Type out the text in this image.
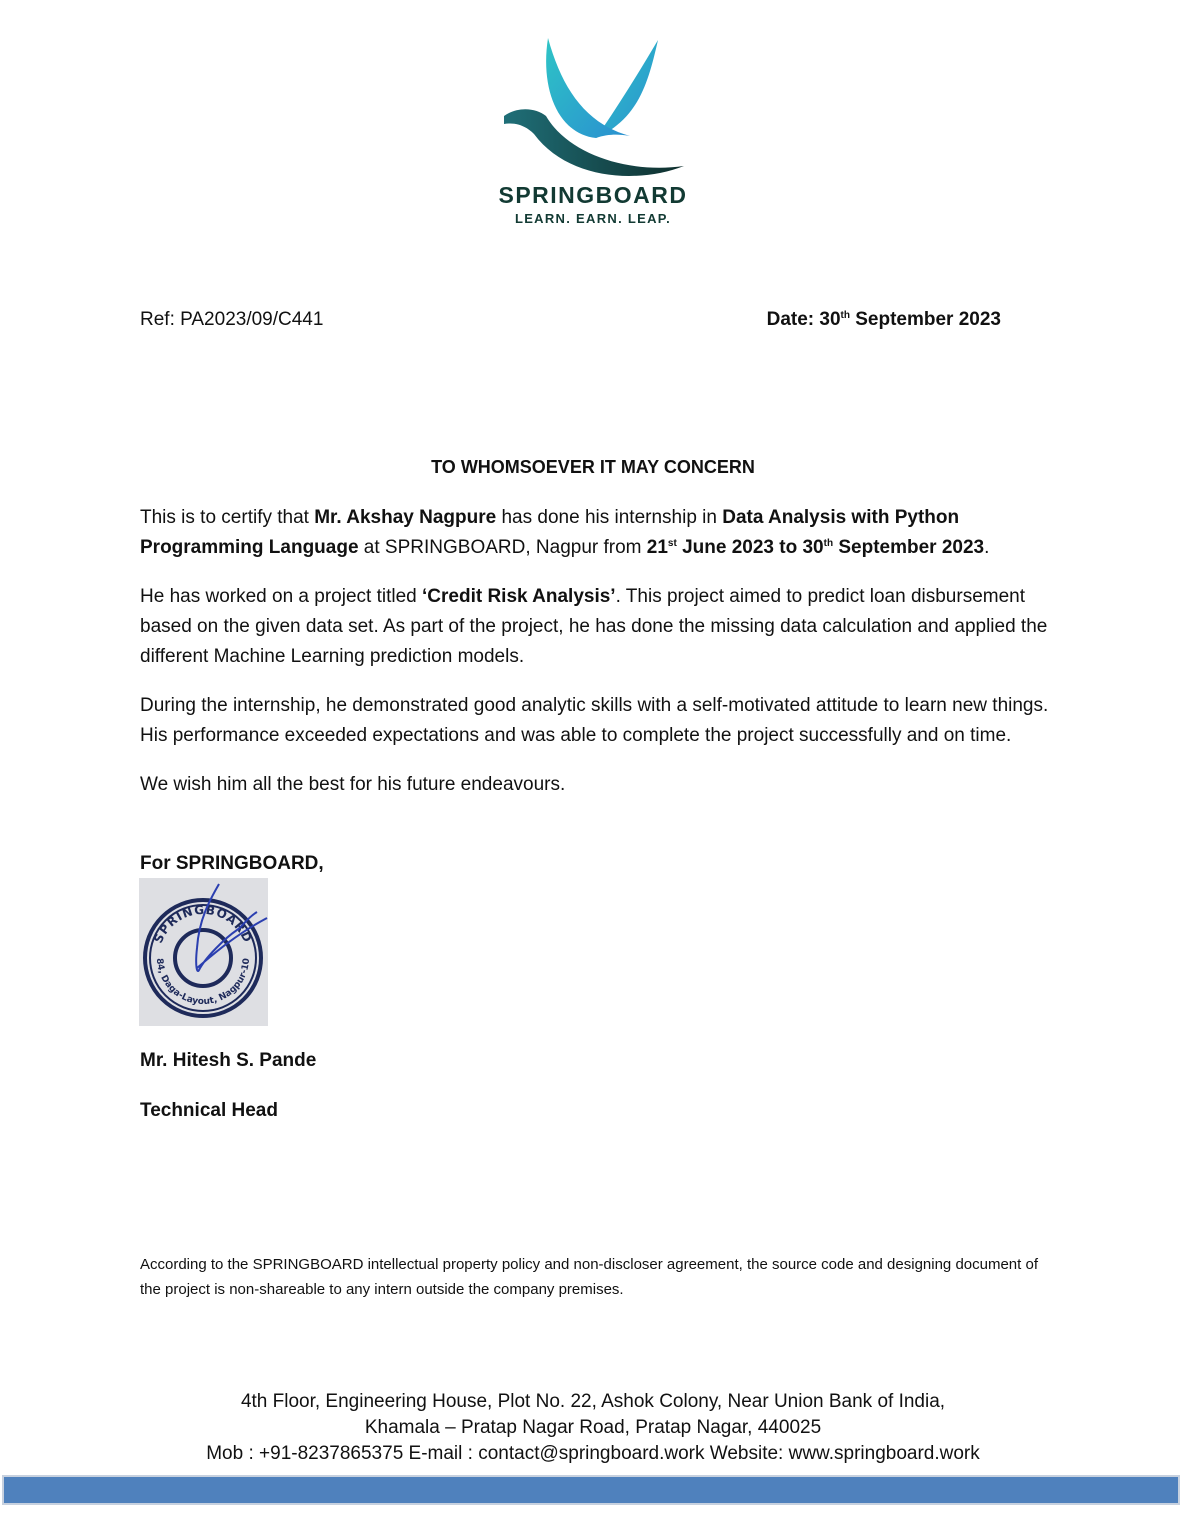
SPRINGBOARD
LEARN. EARN. LEAP.
Ref: PA2023/09/C441	Date: 30th September 2023
TO WHOMSOEVER IT MAY CONCERN

This is to certify that Mr. Akshay Nagpure has done his internship in Data Analysis with Python Programming Language at SPRINGBOARD, Nagpur from 21st June 2023 to 30th September 2023.

He has worked on a project titled ‘Credit Risk Analysis’. This project aimed to predict loan disbursement based on the given data set. As part of the project, he has done the missing data calculation and applied the different Machine Learning prediction models.

During the internship, he demonstrated good analytic skills with a self-motivated attitude to learn new things. His performance exceeded expectations and was able to complete the project successfully and on time.

We wish him all the best for his future endeavours.

For SPRINGBOARD,
SPRINGBOARD
84, Daga-Layout, Nagpur-10
Mr. Hitesh S. Pande
Technical Head
According to the SPRINGBOARD intellectual property policy and non-discloser agreement, the source code and designing document of the project is non-shareable to any intern outside the company premises.
4th Floor, Engineering House, Plot No. 22, Ashok Colony, Near Union Bank of India,
Khamala – Pratap Nagar Road, Pratap Nagar, 440025
Mob : +91-8237865375 E-mail : contact@springboard.work Website: www.springboard.work
